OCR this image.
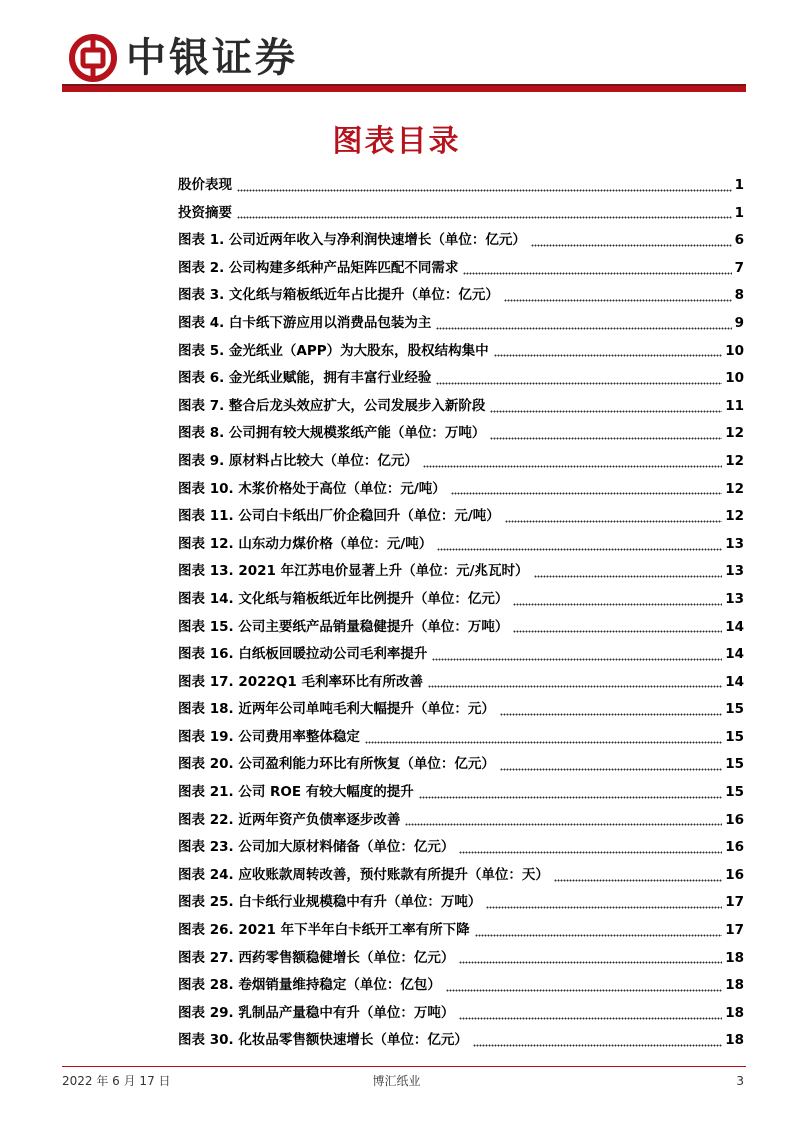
中银证券
图表目录
股价表现	1
投资摘要	1
图表 1. 公司近两年收入与净利润快速增长（单位：亿元）	6
图表 2. 公司构建多纸种产品矩阵匹配不同需求	7
图表 3. 文化纸与箱板纸近年占比提升（单位：亿元）	8
图表 4. 白卡纸下游应用以消费品包装为主	9
图表 5. 金光纸业（APP）为大股东，股权结构集中	10
图表 6. 金光纸业赋能，拥有丰富行业经验	10
图表 7. 整合后龙头效应扩大，公司发展步入新阶段	11
图表 8. 公司拥有较大规模浆纸产能（单位：万吨）	12
图表 9. 原材料占比较大（单位：亿元）	12
图表 10. 木浆价格处于高位（单位：元/吨）	12
图表 11. 公司白卡纸出厂价企稳回升（单位：元/吨）	12
图表 12. 山东动力煤价格（单位：元/吨）	13
图表 13. 2021 年江苏电价显著上升（单位：元/兆瓦时）	13
图表 14. 文化纸与箱板纸近年比例提升（单位：亿元）	13
图表 15. 公司主要纸产品销量稳健提升（单位：万吨）	14
图表 16. 白纸板回暖拉动公司毛利率提升	14
图表 17. 2022Q1 毛利率环比有所改善	14
图表 18. 近两年公司单吨毛利大幅提升（单位：元）	15
图表 19. 公司费用率整体稳定	15
图表 20. 公司盈利能力环比有所恢复（单位：亿元）	15
图表 21. 公司 ROE 有较大幅度的提升	15
图表 22. 近两年资产负债率逐步改善	16
图表 23. 公司加大原材料储备（单位：亿元）	16
图表 24. 应收账款周转改善，预付账款有所提升（单位：天）	16
图表 25. 白卡纸行业规模稳中有升（单位：万吨）	17
图表 26. 2021 年下半年白卡纸开工率有所下降	17
图表 27. 西药零售额稳健增长（单位：亿元）	18
图表 28. 卷烟销量维持稳定（单位：亿包）	18
图表 29. 乳制品产量稳中有升（单位：万吨）	18
图表 30. 化妆品零售额快速增长（单位：亿元）	18
2022 年 6 月 17 日	博汇纸业	3
